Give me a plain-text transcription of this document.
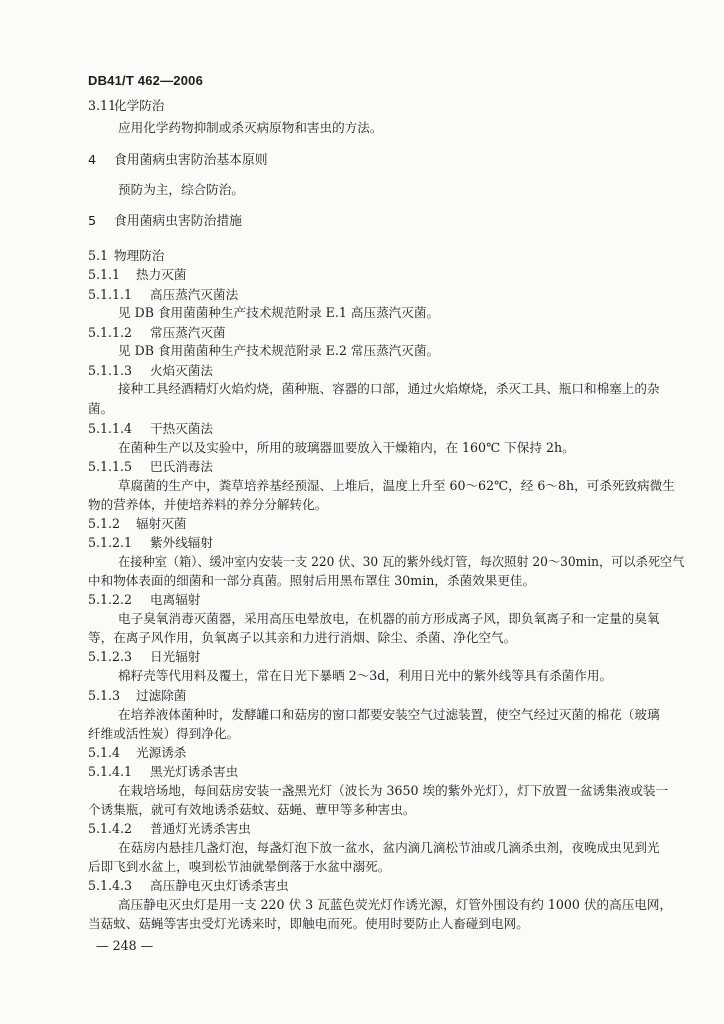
DB41/T 462—2006
3.11化学防治
应用化学药物抑制或杀灭病原物和害虫的方法。
4 食用菌病虫害防治基本原则
预防为主，综合防治。
5 食用菌病虫害防治措施
5.1 物理防治
5.1.1 热力灭菌
5.1.1.1 高压蒸汽灭菌法
见 DB 食用菌菌种生产技术规范附录 E.1 高压蒸汽灭菌。
5.1.1.2 常压蒸汽灭菌
见 DB 食用菌菌种生产技术规范附录 E.2 常压蒸汽灭菌。
5.1.1.3 火焰灭菌法
接种工具经酒精灯火焰灼烧，菌种瓶、容器的口部，通过火焰燎烧，杀灭工具、瓶口和棉塞上的杂
菌。
5.1.1.4 干热灭菌法
在菌种生产以及实验中，所用的玻璃器皿要放入干燥箱内，在 160℃ 下保持 2h。
5.1.1.5 巴氏消毒法
草腐菌的生产中，粪草培养基经预湿、上堆后，温度上升至 60～62℃，经 6～8h，可杀死致病微生
物的营养体，并使培养料的养分分解转化。
5.1.2 辐射灭菌
5.1.2.1 紫外线辐射
在接种室（箱）、缓冲室内安装一支 220 伏、30 瓦的紫外线灯管，每次照射 20～30min，可以杀死空气
中和物体表面的细菌和一部分真菌。照射后用黑布罩住 30min，杀菌效果更佳。
5.1.2.2 电离辐射
电子臭氧消毒灭菌器，采用高压电晕放电，在机器的前方形成离子风，即负氧离子和一定量的臭氧
等，在离子风作用，负氧离子以其亲和力进行消烟、除尘、杀菌、净化空气。
5.1.2.3 日光辐射
棉籽壳等代用料及覆土，常在日光下暴晒 2～3d，利用日光中的紫外线等具有杀菌作用。
5.1.3 过滤除菌
在培养液体菌种时，发酵罐口和菇房的窗口都要安装空气过滤装置，使空气经过灭菌的棉花（玻璃
纤维或活性炭）得到净化。
5.1.4 光源诱杀
5.1.4.1 黑光灯诱杀害虫
在栽培场地，每间菇房安装一盏黑光灯（波长为 3650 埃的紫外光灯），灯下放置一盆诱集液或装一
个诱集瓶，就可有效地诱杀菇蚊、菇蝇、蕈甲等多种害虫。
5.1.4.2 普通灯光诱杀害虫
在菇房内悬挂几盏灯泡，每盏灯泡下放一盆水，盆内滴几滴松节油或几滴杀虫剂，夜晚成虫见到光
后即飞到水盆上，嗅到松节油就晕倒落于水盆中溺死。
5.1.4.3 高压静电灭虫灯诱杀害虫
高压静电灭虫灯是用一支 220 伏 3 瓦蓝色荧光灯作诱光源，灯管外围设有约 1000 伏的高压电网，
当菇蚊、菇蝇等害虫受灯光诱来时，即触电而死。使用时要防止人畜碰到电网。
— 248 —
